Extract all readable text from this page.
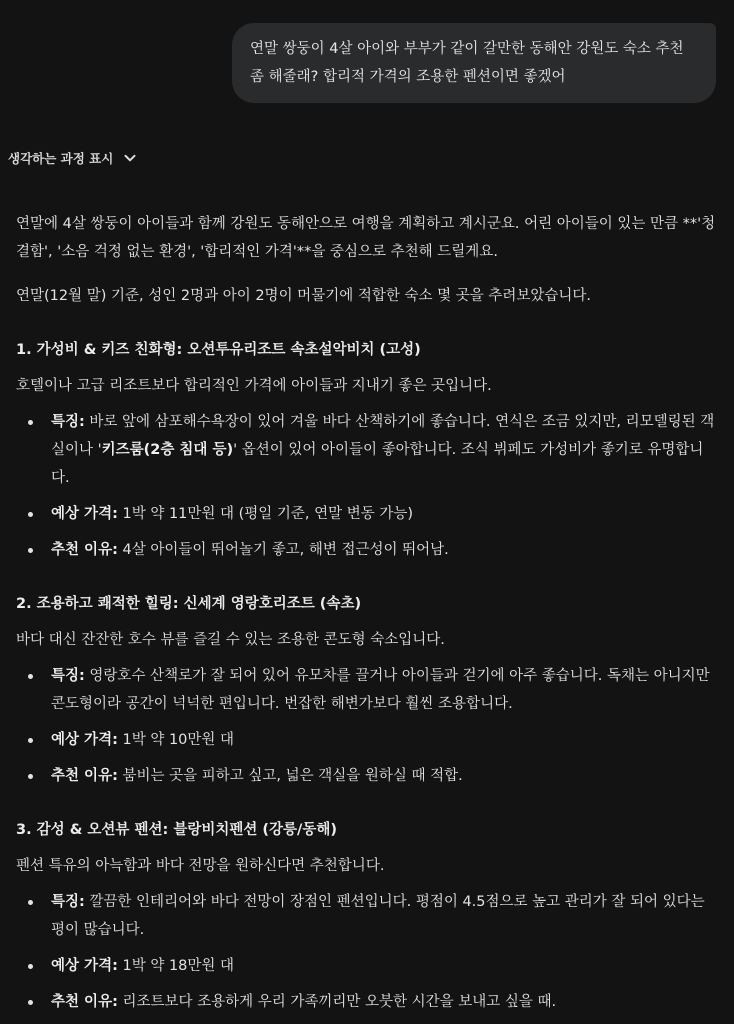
연말 쌍둥이 4살 아이와 부부가 같이 갈만한 동해안 강원도 숙소 추천 좀 해줄래? 합리적 가격의 조용한 펜션이면 좋겠어
생각하는 과정 표시

연말에 4살 쌍둥이 아이들과 함께 강원도 동해안으로 여행을 계획하고 계시군요. 어린 아이들이 있는 만큼 **'청결함', '소음 걱정 없는 환경', '합리적인 가격'**을 중심으로 추천해 드릴게요.

연말(12월 말) 기준, 성인 2명과 아이 2명이 머물기에 적합한 숙소 몇 곳을 추려보았습니다.

1. 가성비 & 키즈 친화형: 오션투유리조트 속초설악비치 (고성)

호텔이나 고급 리조트보다 합리적인 가격에 아이들과 지내기 좋은 곳입니다.

특징: 바로 앞에 삼포해수욕장이 있어 겨울 바다 산책하기에 좋습니다. 연식은 조금 있지만, 리모델링된 객실이나 '키즈룸(2층 침대 등)' 옵션이 있어 아이들이 좋아합니다. 조식 뷔페도 가성비가 좋기로 유명합니다.
예상 가격: 1박 약 11만원 대 (평일 기준, 연말 변동 가능)
추천 이유: 4살 아이들이 뛰어놀기 좋고, 해변 접근성이 뛰어남.

2. 조용하고 쾌적한 힐링: 신세계 영랑호리조트 (속초)

바다 대신 잔잔한 호수 뷰를 즐길 수 있는 조용한 콘도형 숙소입니다.

특징: 영랑호수 산책로가 잘 되어 있어 유모차를 끌거나 아이들과 걷기에 아주 좋습니다. 독채는 아니지만 콘도형이라 공간이 넉넉한 편입니다. 번잡한 해변가보다 훨씬 조용합니다.
예상 가격: 1박 약 10만원 대
추천 이유: 붐비는 곳을 피하고 싶고, 넓은 객실을 원하실 때 적합.

3. 감성 & 오션뷰 펜션: 블랑비치펜션 (강릉/동해)

펜션 특유의 아늑함과 바다 전망을 원하신다면 추천합니다.

특징: 깔끔한 인테리어와 바다 전망이 장점인 펜션입니다. 평점이 4.5점으로 높고 관리가 잘 되어 있다는 평이 많습니다.
예상 가격: 1박 약 18만원 대
추천 이유: 리조트보다 조용하게 우리 가족끼리만 오붓한 시간을 보내고 싶을 때.
